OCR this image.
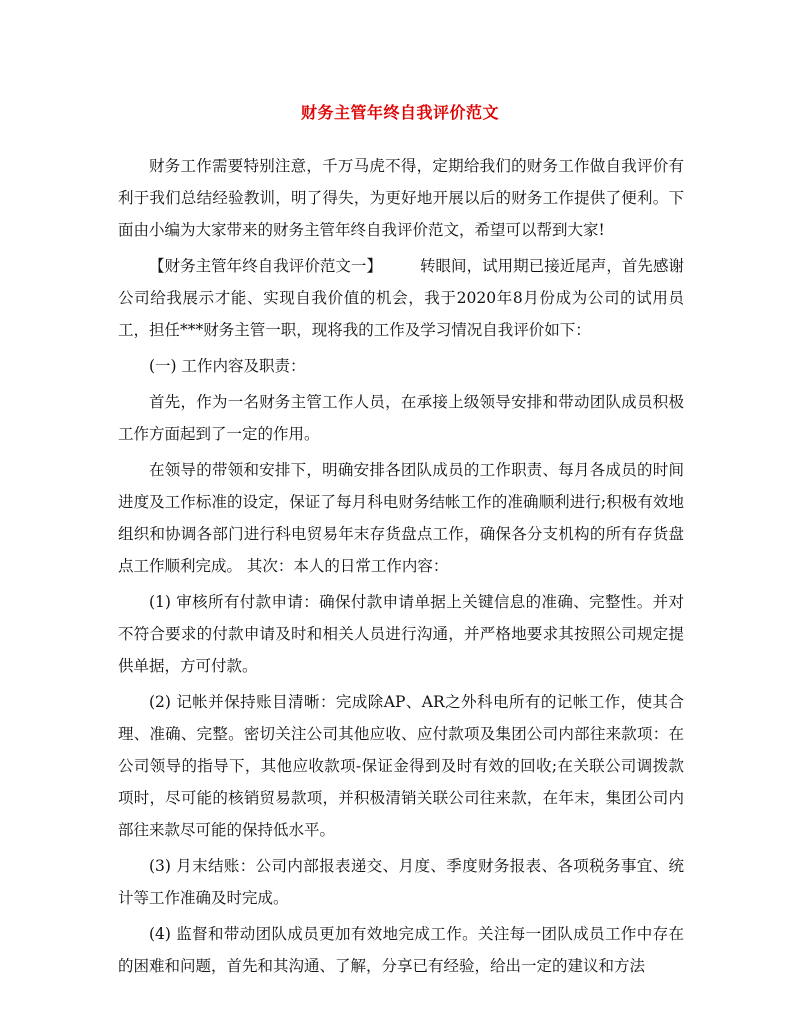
财务主管年终自我评价范文

财务工作需要特别注意，千万马虎不得，定期给我们的财务工作做自我评价有利于我们总结经验教训，明了得失，为更好地开展以后的财务工作提供了便利。下面由小编为大家带来的财务主管年终自我评价范文，希望可以帮到大家!

【财务主管年终自我评价范文一】 转眼间，试用期已接近尾声，首先感谢公司给我展示才能、实现自我价值的机会，我于2020年8月份成为公司的试用员工，担任***财务主管一职，现将我的工作及学习情况自我评价如下：

(一) 工作内容及职责：

首先，作为一名财务主管工作人员，在承接上级领导安排和带动团队成员积极工作方面起到了一定的作用。

在领导的带领和安排下，明确安排各团队成员的工作职责、每月各成员的时间进度及工作标准的设定，保证了每月科电财务结帐工作的准确顺利进行;积极有效地组织和协调各部门进行科电贸易年末存货盘点工作，确保各分支机构的所有存货盘点工作顺利完成。 其次：本人的日常工作内容：

(1) 审核所有付款申请：确保付款申请单据上关键信息的准确、完整性。并对不符合要求的付款申请及时和相关人员进行沟通，并严格地要求其按照公司规定提供单据，方可付款。

(2) 记帐并保持账目清晰：完成除AP、AR之外科电所有的记帐工作，使其合理、准确、完整。密切关注公司其他应收、应付款项及集团公司内部往来款项：在公司领导的指导下，其他应收款项-保证金得到及时有效的回收;在关联公司调拨款项时，尽可能的核销贸易款项，并积极清销关联公司往来款，在年末，集团公司内部往来款尽可能的保持低水平。

(3) 月末结账：公司内部报表递交、月度、季度财务报表、各项税务事宜、统计等工作准确及时完成。

(4) 监督和带动团队成员更加有效地完成工作。关注每一团队成员工作中存在的困难和问题，首先和其沟通、了解，分享已有经验，给出一定的建议和方法
